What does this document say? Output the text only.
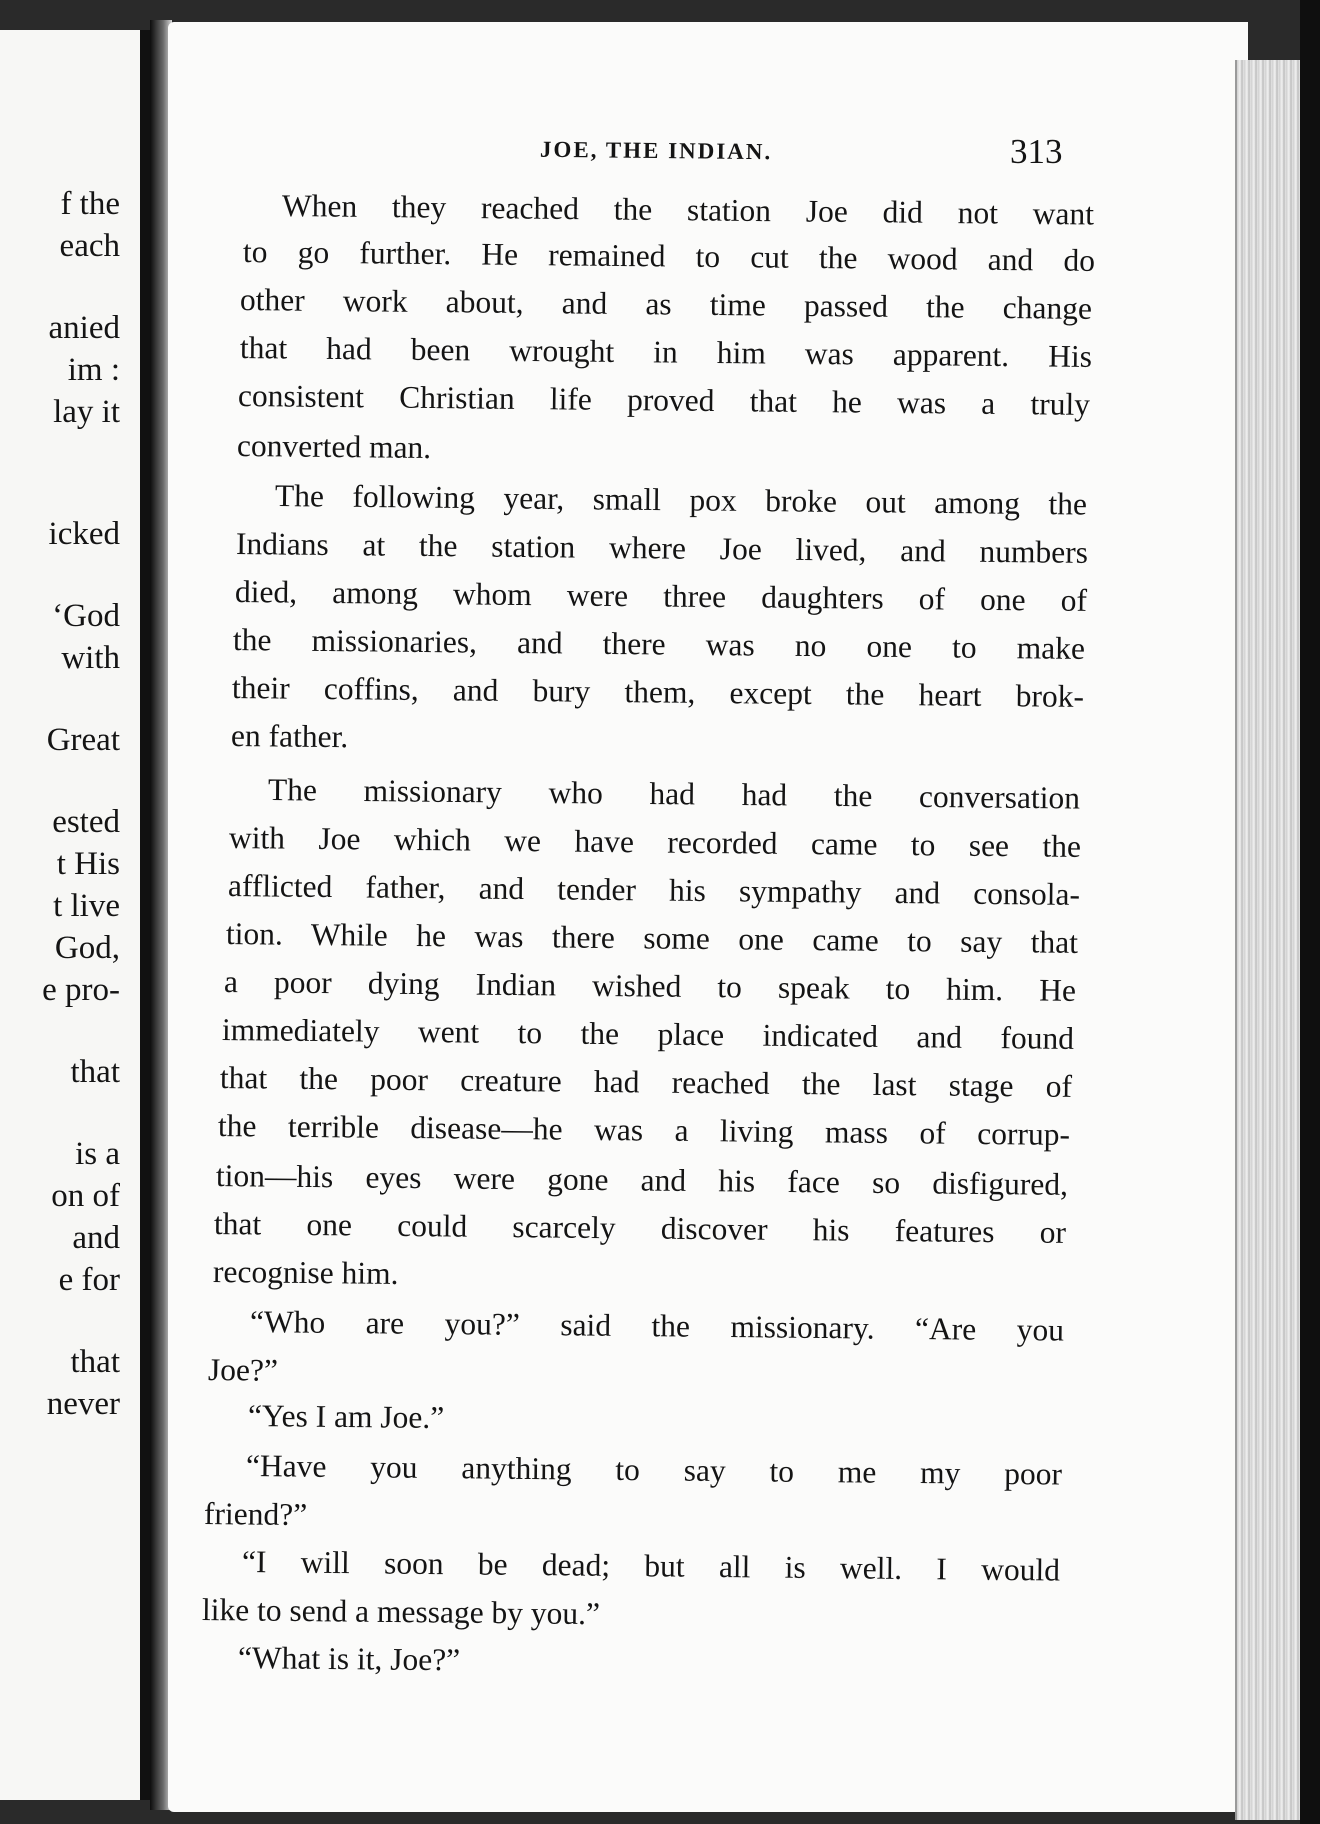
f the
each
anied
im :
lay it
icked
‘God
with
Great
ested
t His
t live
God,
e pro-
that
is a
on of
and
e for
that
never
JOE, THE INDIAN.	313
When they reached the station Joe did not want
to go further. He remained to cut the wood and do
other work about, and as time passed the change
that had been wrought in him was apparent. His
consistent Christian life proved that he was a truly
converted man.
The following year, small pox broke out among the
Indians at the station where Joe lived, and numbers
died, among whom were three daughters of one of
the missionaries, and there was no one to make
their coffins, and bury them, except the heart brok-
en father.
The missionary who had had the conversation
with Joe which we have recorded came to see the
afflicted father, and tender his sympathy and consola-
tion. While he was there some one came to say that
a poor dying Indian wished to speak to him. He
immediately went to the place indicated and found
that the poor creature had reached the last stage of
the terrible disease—he was a living mass of corrup-
tion—his eyes were gone and his face so disfigured,
that one could scarcely discover his features or
recognise him.
“Who are you?” said the missionary. “Are you
Joe?”
“Yes I am Joe.”
“Have you anything to say to me my poor
friend?”
“I will soon be dead; but all is well. I would
like to send a message by you.”
“What is it, Joe?”
